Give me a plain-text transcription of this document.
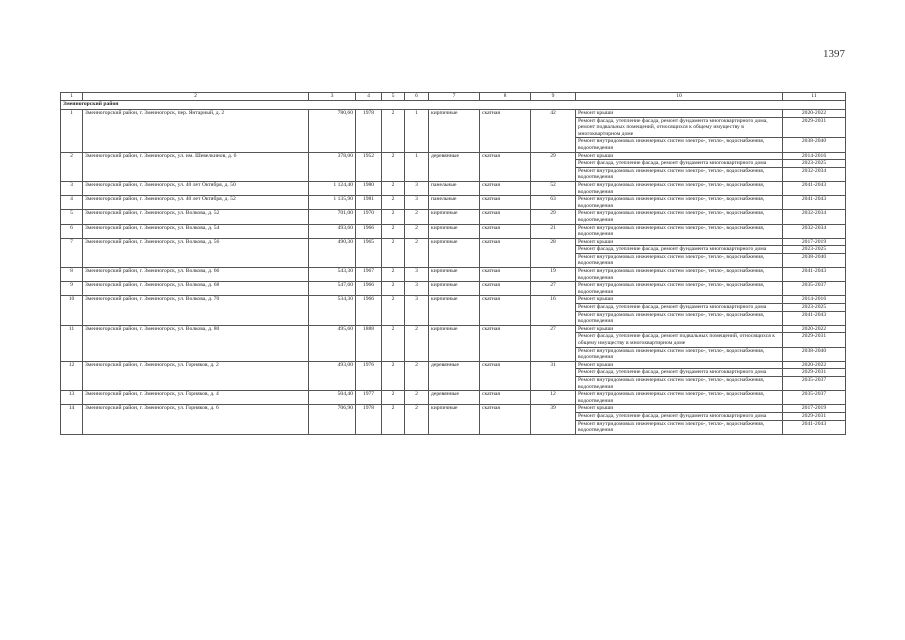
1397
1	2	3	4	5	6	7	8	9	10	11
Змеиногорский район										
1	Змеиногорский район, г. Змеиногорск, пер. Янтарный, д. 2	780,60	1978	2	1	кирпичные	скатная	42	Ремонт крыши	2020-2022
									Ремонт фасада, утепление фасада, ремонт фундамента многоквартирного дома, ремонт подвальных помещений, относящихся к общему имуществу в многоквартирном доме	2029-2031
									Ремонт внутридомовых инженерных систем электро-, тепло-, водоснабжения, водоотведения	2038-2040
2	Змеиногорский район, г. Змеиногорск, ул. им. Шевелкинов, д. 6	378,00	1952	2	1	деревянные	скатная	29	Ремонт крыши	2014-2016
									Ремонт фасада, утепление фасада, ремонт фундамента многоквартирного дома	2023-2025
									Ремонт внутридомовых инженерных систем электро-, тепло-, водоснабжения, водоотведения	2032-2034
3	Змеиногорский район, г. Змеиногорск, ул. 40 лет Октября, д. 50	1 124,40	1980	2	3	панельные	скатная	52	Ремонт внутридомовых инженерных систем электро-, тепло-, водоснабжения, водоотведения	2041-2043
4	Змеиногорский район, г. Змеиногорск, ул. 40 лет Октября, д. 52	1 135,90	1981	2	3	панельные	скатная	63	Ремонт внутридомовых инженерных систем электро-, тепло-, водоснабжения, водоотведения	2041-2043
5	Змеиногорский район, г. Змеиногорск, ул. Волкова, д. 52	701,00	1970	2	2	кирпичные	скатная	29	Ремонт внутридомовых инженерных систем электро-, тепло-, водоснабжения, водоотведения	2032-2034
6	Змеиногорский район, г. Змеиногорск, ул. Волкова, д. 54	493,60	1966	2	2	кирпичные	скатная	21	Ремонт внутридомовых инженерных систем электро-, тепло-, водоснабжения, водоотведения	2032-2034
7	Змеиногорский район, г. Змеиногорск, ул. Волкова, д. 56	490,30	1965	2	2	кирпичные	скатная	28	Ремонт крыши	2017-2019
									Ремонт фасада, утепление фасада, ремонт фундамента многоквартирного дома	2023-2025
									Ремонт внутридомовых инженерных систем электро-, тепло-, водоснабжения, водоотведения	2038-2040
8	Змеиногорский район, г. Змеиногорск, ул. Волкова, д. 66	543,30	1967	2	3	кирпичные	скатная	19	Ремонт внутридомовых инженерных систем электро-, тепло-, водоснабжения, водоотведения	2041-2043
9	Змеиногорский район, г. Змеиногорск, ул. Волкова, д. 68	547,60	1966	2	3	кирпичные	скатная	27	Ремонт внутридомовых инженерных систем электро-, тепло-, водоснабжения, водоотведения	2035-2037
10	Змеиногорский район, г. Змеиногорск, ул. Волкова, д. 70	534,30	1966	2	3	кирпичные	скатная	16	Ремонт крыши	2014-2016
									Ремонт фасада, утепление фасада, ремонт фундамента многоквартирного дома	2023-2025
									Ремонт внутридомовых инженерных систем электро-, тепло-, водоснабжения, водоотведения	2041-2043
11	Змеиногорский район, г. Змеиногорск, ул. Волкова, д. 80	495,60	1888	2	2	кирпичные	скатная	27	Ремонт крыши	2020-2022
									Ремонт фасада, утепление фасада, ремонт подвальных помещений, относящихся к общему имуществу в многоквартирном доме	2029-2031
									Ремонт внутридомовых инженерных систем электро-, тепло-, водоснабжения, водоотведения	2038-2040
12	Змеиногорский район, г. Змеиногорск, ул. Горняков, д. 2	493,00	1976	2	2	деревянные	скатная	31	Ремонт крыши	2020-2022
									Ремонт фасада, утепление фасада, ремонт фундамента многоквартирного дома	2029-2031
									Ремонт внутридомовых инженерных систем электро-, тепло-, водоснабжения, водоотведения	2035-2037
13	Змеиногорский район, г. Змеиногорск, ул. Горняков, д. 4	504,40	1977	2	2	деревянные	скатная	12	Ремонт внутридомовых инженерных систем электро-, тепло-, водоснабжения, водоотведения	2035-2037
14	Змеиногорский район, г. Змеиногорск, ул. Горняков, д. 6	706,90	1978	2	2	кирпичные	скатная	39	Ремонт крыши	2017-2019
									Ремонт фасада, утепление фасада, ремонт фундамента многоквартирного дома	2029-2031
									Ремонт внутридомовых инженерных систем электро-, тепло-, водоснабжения, водоотведения	2041-2043
